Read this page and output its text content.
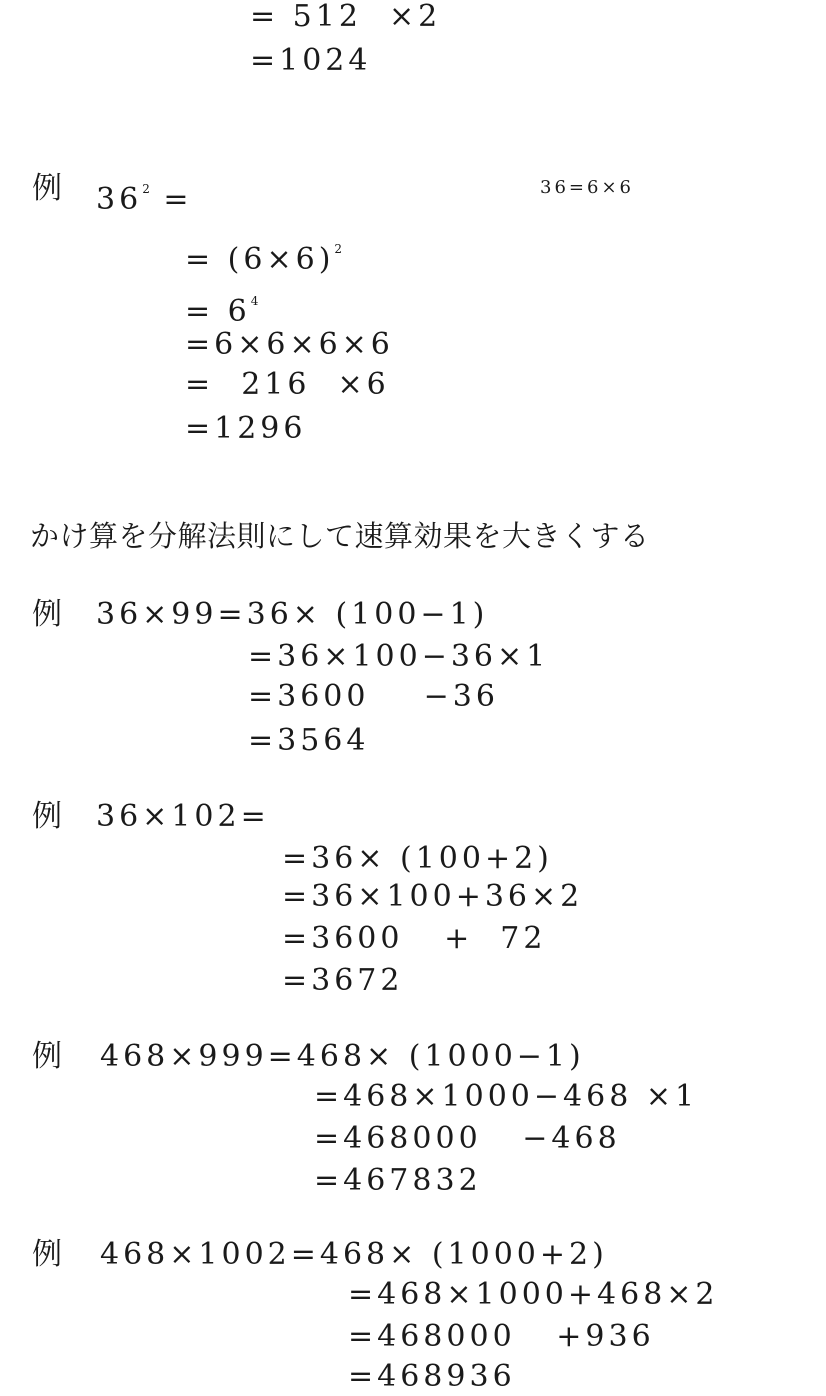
= 512  ×2
=1024
例 $36^2$ =	36=6×6
= $(6\times 6)^2$
= $6^4$
=6×6×6×6
=  216  ×6
=1296
かけ算を分解法則にして速算効果を大きくする
例 36×99=36× (100−1)
=36×100−36×1
=3600    −36
=3564
例 36×102=
=36× (100+2)
=36×100+36×2
=3600   +  72
=3672
例 468×999=468× (1000−1)
=468×1000−468 ×1
=468000   −468
=467832
例 468×1002=468× (1000+2)
=468×1000+468×2
=468000   +936
=468936
